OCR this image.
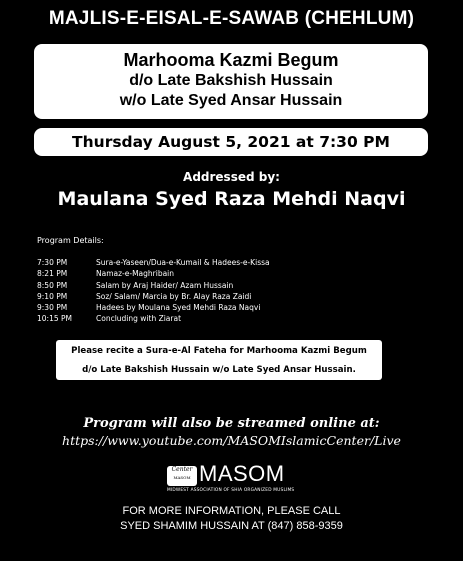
MAJLIS-E-EISAL-E-SAWAB (CHEHLUM)
Marhooma Kazmi Begum
d/o Late Bakshish Hussain
w/o Late Syed Ansar Hussain
Thursday August 5, 2021 at 7:30 PM
Addressed by:
Maulana Syed Raza Mehdi Naqvi
Program Details:
7:30 PM	Sura-e-Yaseen/Dua-e-Kumail & Hadees-e-Kissa
8:21 PM	Namaz-e-Maghribain
8:50 PM	Salam by Araj Haider/ Azam Hussain
9:10 PM	Soz/ Salam/ Marcia by Br. Alay Raza Zaidi
9:30 PM	Hadees by Moulana Syed Mehdi Raza Naqvi
10:15 PM	Concluding with Ziarat
Please recite a Sura-e-Al Fateha for Marhooma Kazmi Begum
d/o Late Bakshish Hussain w/o Late Syed Ansar Hussain.
Program will also be streamed online at:
https://www.youtube.com/MASOMIslamicCenter/Live
Center
MASOM MASOM
MIDWEST ASSOCIATION OF SHIA ORGANIZED MUSLIMS
FOR MORE INFORMATION, PLEASE CALL
SYED SHAMIM HUSSAIN AT (847) 858-9359
